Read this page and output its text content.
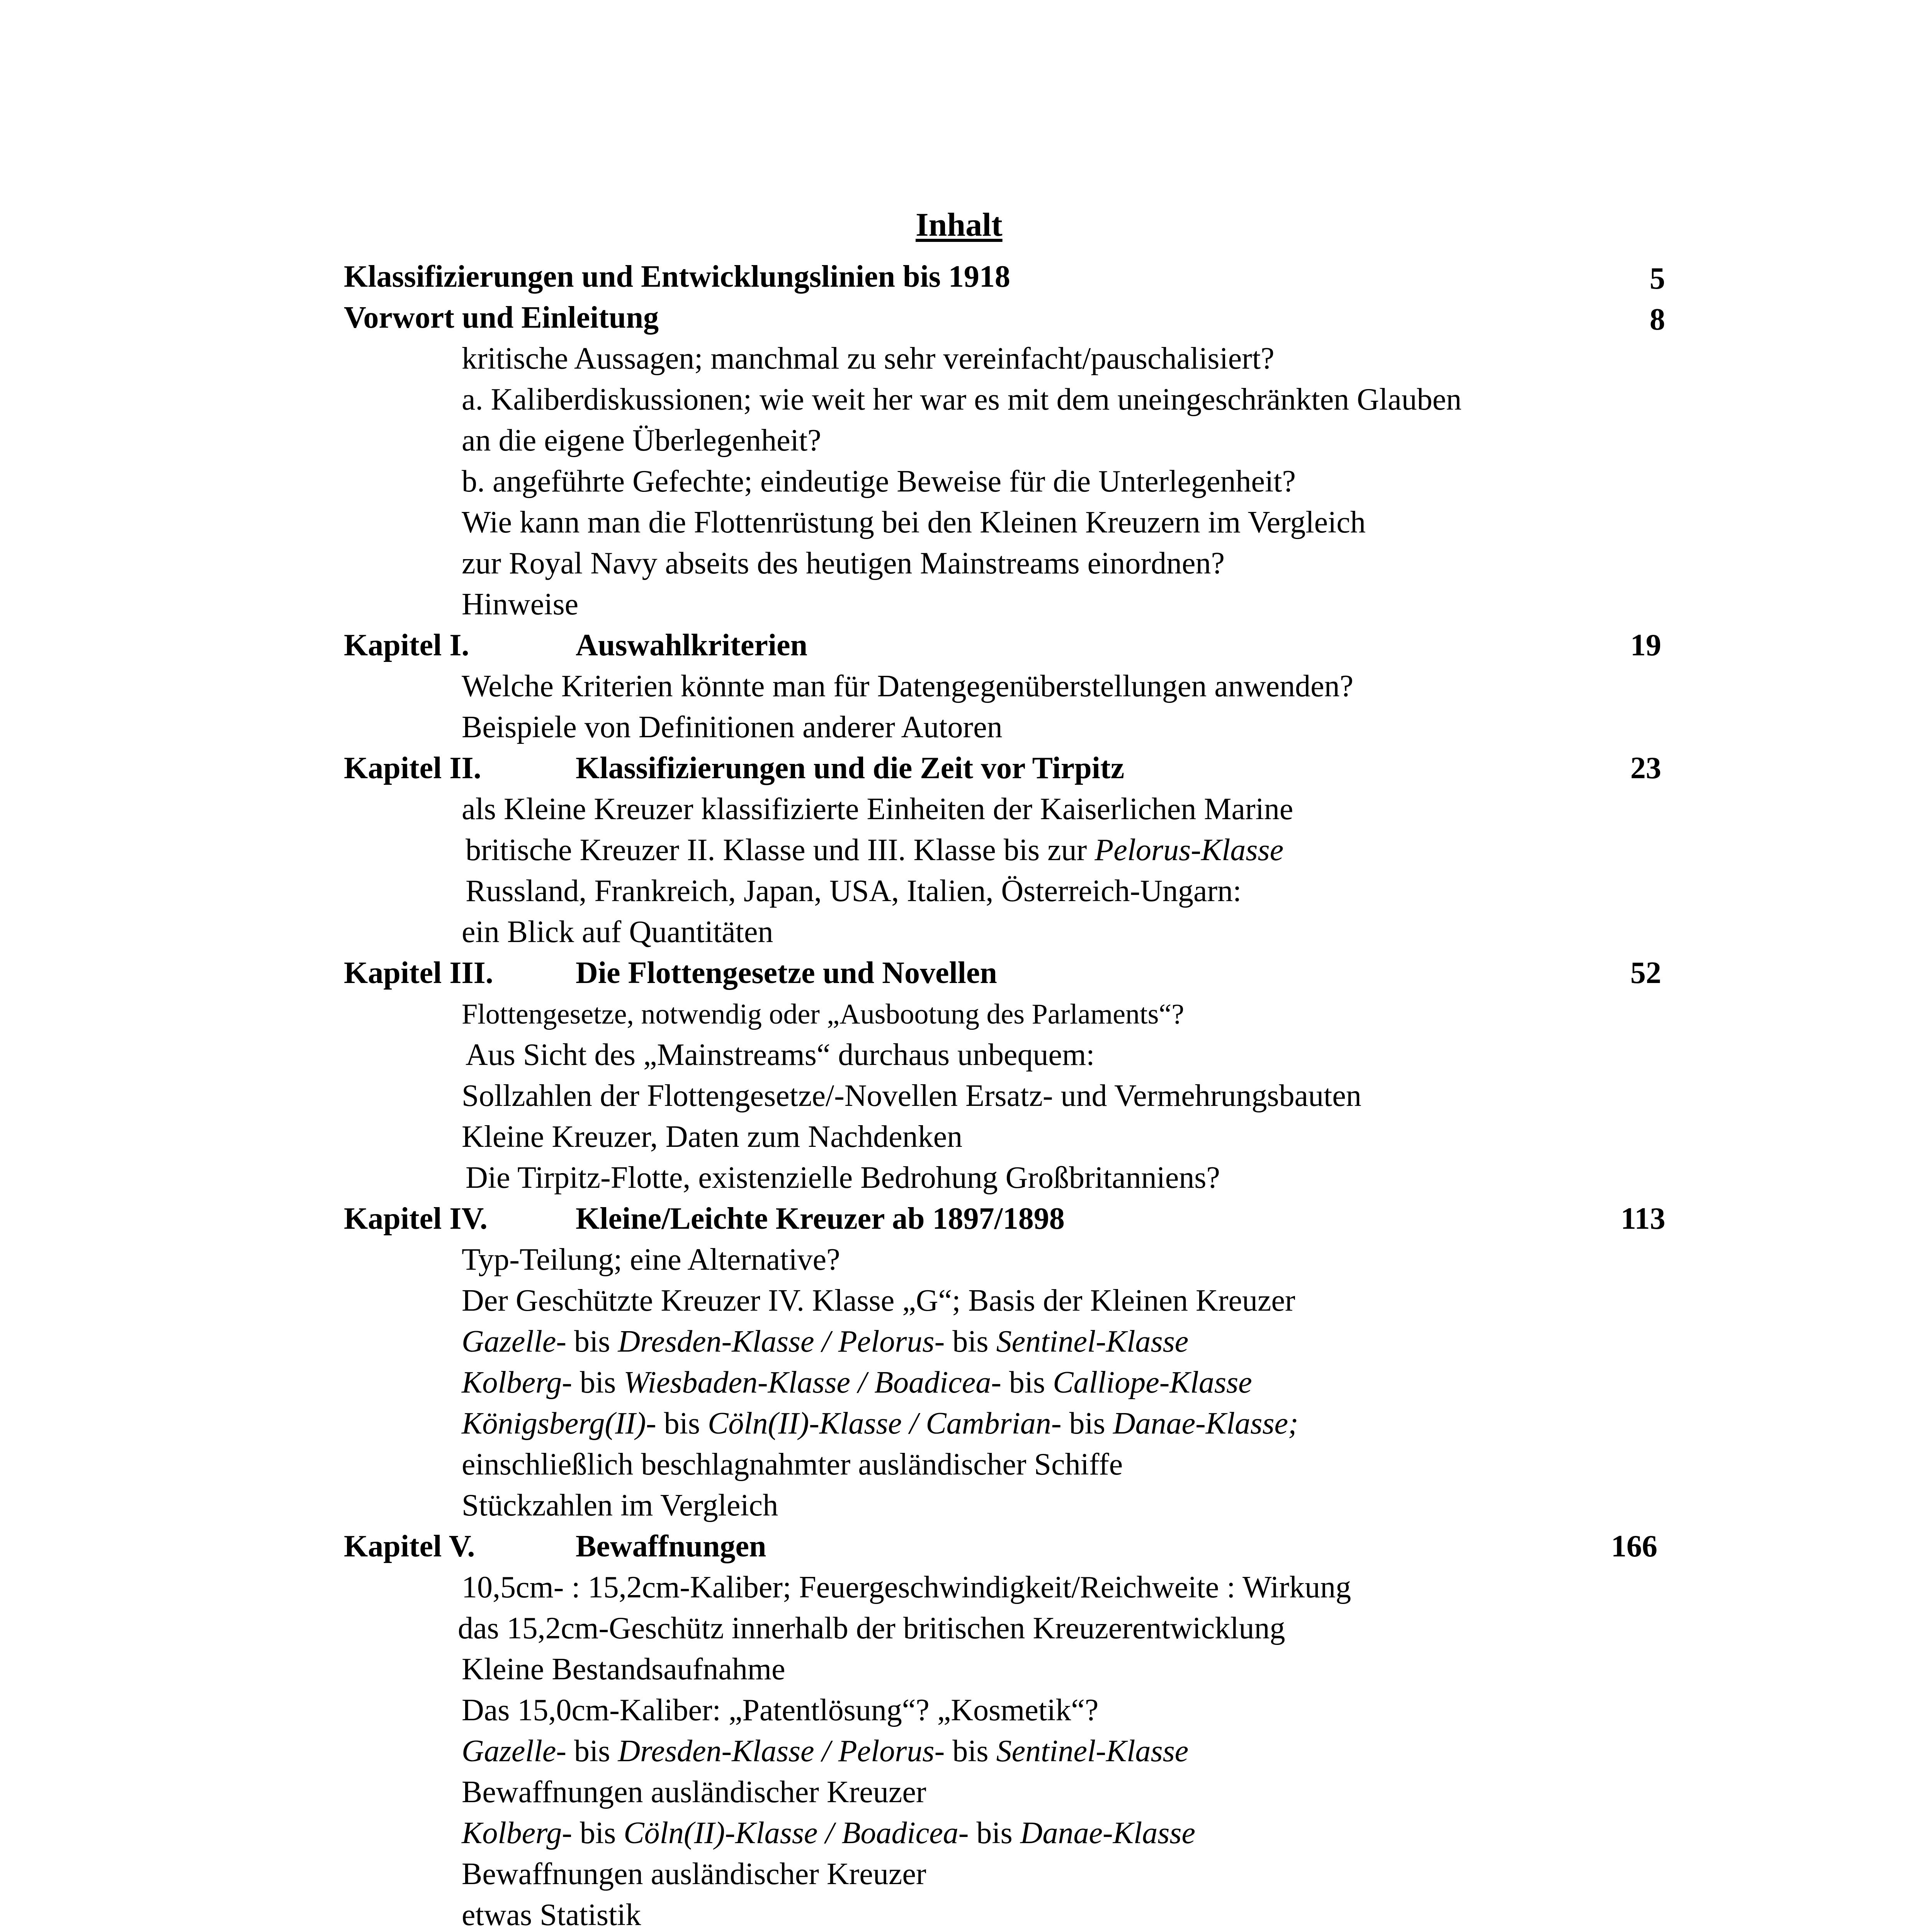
Inhalt
Klassifizierungen und Entwicklungslinien bis 1918	5
Vorwort und Einleitung	8
kritische Aussagen; manchmal zu sehr vereinfacht/pauschalisiert?
a. Kaliberdiskussionen; wie weit her war es mit dem uneingeschränkten Glauben
an die eigene Überlegenheit?
b. angeführte Gefechte; eindeutige Beweise für die Unterlegenheit?
Wie kann man die Flottenrüstung bei den Kleinen Kreuzern im Vergleich
zur Royal Navy abseits des heutigen Mainstreams einordnen?
Hinweise
Kapitel I.	Auswahlkriterien	19
Welche Kriterien könnte man für Datengegenüberstellungen anwenden?
Beispiele von Definitionen anderer Autoren
Kapitel II.	Klassifizierungen und die Zeit vor Tirpitz	23
als Kleine Kreuzer klassifizierte Einheiten der Kaiserlichen Marine
britische Kreuzer II. Klasse und III. Klasse bis zur Pelorus-Klasse
Russland, Frankreich, Japan, USA, Italien, Österreich-Ungarn:
ein Blick auf Quantitäten
Kapitel III.	Die Flottengesetze und Novellen	52
Flottengesetze, notwendig oder „Ausbootung des Parlaments“?
Aus Sicht des „Mainstreams“ durchaus unbequem:
Sollzahlen der Flottengesetze/-Novellen Ersatz- und Vermehrungsbauten
Kleine Kreuzer, Daten zum Nachdenken
Die Tirpitz-Flotte, existenzielle Bedrohung Großbritanniens?
Kapitel IV.	Kleine/Leichte Kreuzer ab 1897/1898	113
Typ-Teilung; eine Alternative?
Der Geschützte Kreuzer IV. Klasse „G“; Basis der Kleinen Kreuzer
Gazelle- bis Dresden-Klasse / Pelorus- bis Sentinel-Klasse
Kolberg- bis Wiesbaden-Klasse / Boadicea- bis Calliope-Klasse
Königsberg(II)- bis Cöln(II)-Klasse / Cambrian- bis Danae-Klasse;
einschließlich beschlagnahmter ausländischer Schiffe
Stückzahlen im Vergleich
Kapitel V.	Bewaffnungen	166
10,5cm- : 15,2cm-Kaliber; Feuergeschwindigkeit/Reichweite : Wirkung
das 15,2cm-Geschütz innerhalb der britischen Kreuzerentwicklung
Kleine Bestandsaufnahme
Das 15,0cm-Kaliber: „Patentlösung“? „Kosmetik“?
Gazelle- bis Dresden-Klasse / Pelorus- bis Sentinel-Klasse
Bewaffnungen ausländischer Kreuzer
Kolberg- bis Cöln(II)-Klasse / Boadicea- bis Danae-Klasse
Bewaffnungen ausländischer Kreuzer
etwas Statistik
